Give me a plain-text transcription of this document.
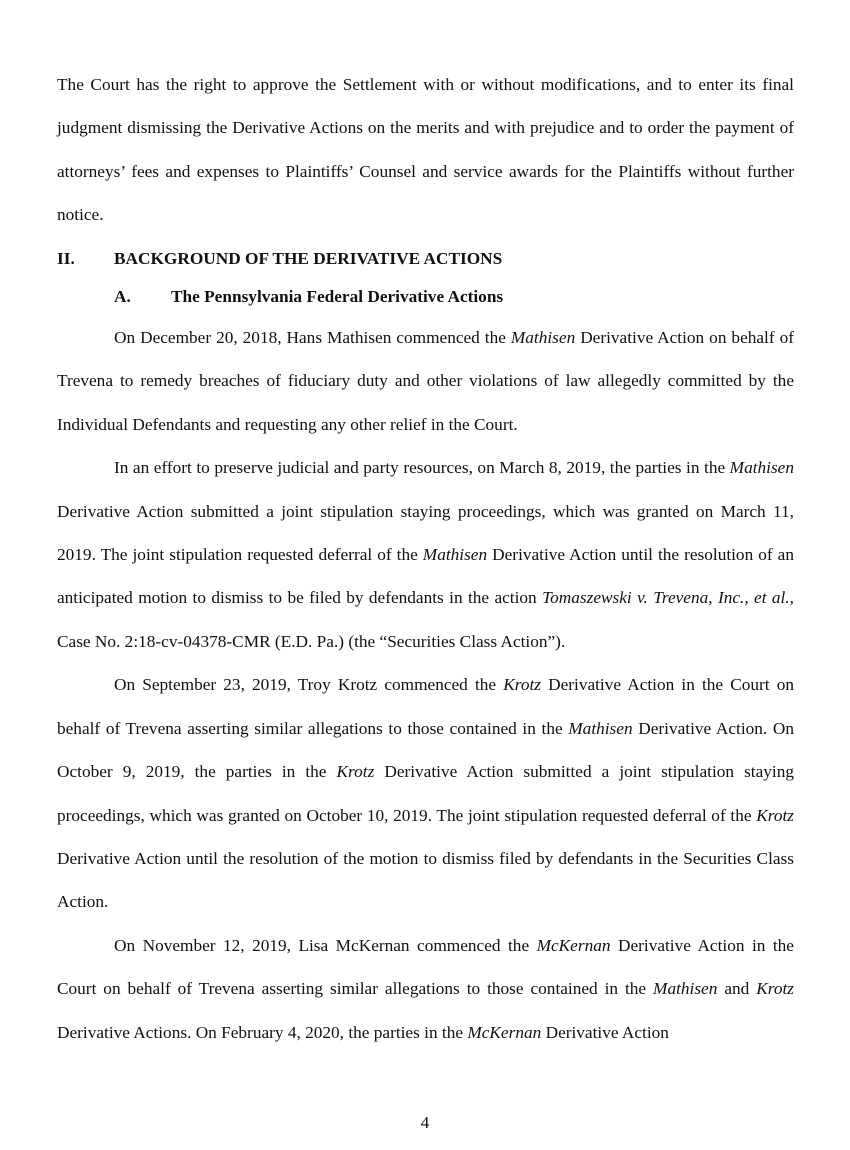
The Court has the right to approve the Settlement with or without modifications, and to enter its final judgment dismissing the Derivative Actions on the merits and with prejudice and to order the payment of attorneys’ fees and expenses to Plaintiffs’ Counsel and service awards for the Plaintiffs without further notice.

II. BACKGROUND OF THE DERIVATIVE ACTIONS
A. The Pennsylvania Federal Derivative Actions

On December 20, 2018, Hans Mathisen commenced the Mathisen Derivative Action on behalf of Trevena to remedy breaches of fiduciary duty and other violations of law allegedly committed by the Individual Defendants and requesting any other relief in the Court.

In an effort to preserve judicial and party resources, on March 8, 2019, the parties in the Mathisen Derivative Action submitted a joint stipulation staying proceedings, which was granted on March 11, 2019. The joint stipulation requested deferral of the Mathisen Derivative Action until the resolution of an anticipated motion to dismiss to be filed by defendants in the action Tomaszewski v. Trevena, Inc., et al., Case No. 2:18-cv-04378-CMR (E.D. Pa.) (the “Securities Class Action”).

On September 23, 2019, Troy Krotz commenced the Krotz Derivative Action in the Court on behalf of Trevena asserting similar allegations to those contained in the Mathisen Derivative Action. On October 9, 2019, the parties in the Krotz Derivative Action submitted a joint stipulation staying proceedings, which was granted on October 10, 2019. The joint stipulation requested deferral of the Krotz Derivative Action until the resolution of the motion to dismiss filed by defendants in the Securities Class Action.

On November 12, 2019, Lisa McKernan commenced the McKernan Derivative Action in the Court on behalf of Trevena asserting similar allegations to those contained in the Mathisen and Krotz Derivative Actions. On February 4, 2020, the parties in the McKernan Derivative Action

4
